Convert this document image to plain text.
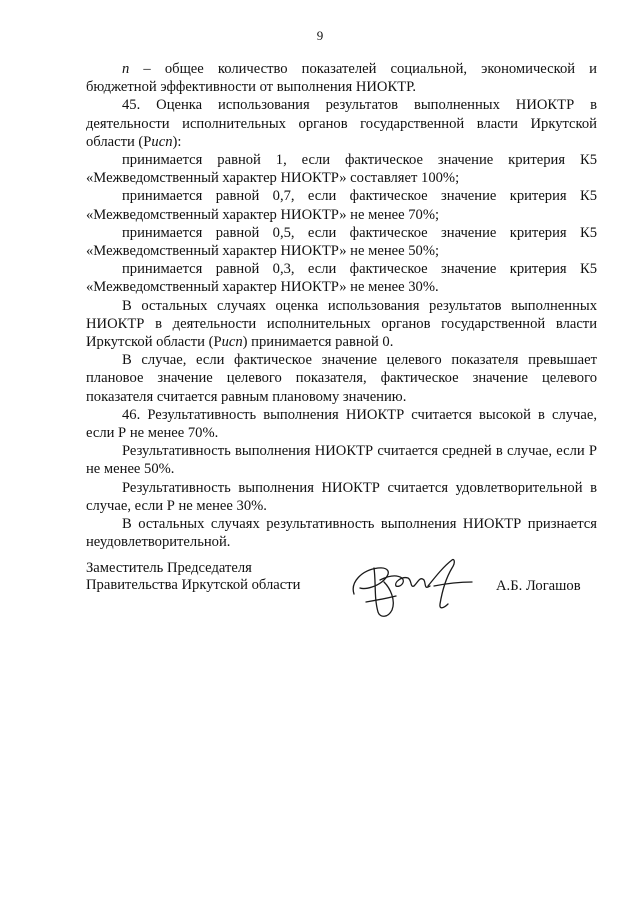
9

n – общее количество показателей социальной, экономической и бюджетной эффективности от выполнения НИОКТР.

45. Оценка использования результатов выполненных НИОКТР в деятельности исполнительных органов государственной власти Иркутской области (Рисп):

принимается равной 1, если фактическое значение критерия К5 «Межведомственный характер НИОКТР» составляет 100%;

принимается равной 0,7, если фактическое значение критерия К5 «Межведомственный характер НИОКТР» не менее 70%;

принимается равной 0,5, если фактическое значение критерия К5 «Межведомственный характер НИОКТР» не менее 50%;

принимается равной 0,3, если фактическое значение критерия К5 «Межведомственный характер НИОКТР» не менее 30%.

В остальных случаях оценка использования результатов выполненных НИОКТР в деятельности исполнительных органов государственной власти Иркутской области (Рисп) принимается равной 0.

В случае, если фактическое значение целевого показателя превышает плановое значение целевого показателя, фактическое значение целевого показателя считается равным плановому значению.

46. Результативность выполнения НИОКТР считается высокой в случае, если Р не менее 70%.

Результативность выполнения НИОКТР считается средней в случае, если Р не менее 50%.

Результативность выполнения НИОКТР считается удовлетворительной в случае, если Р не менее 30%.

В остальных случаях результативность выполнения НИОКТР признается неудовлетворительной.

Заместитель Председателя
Правительства Иркутской области	А.Б. Логашов
